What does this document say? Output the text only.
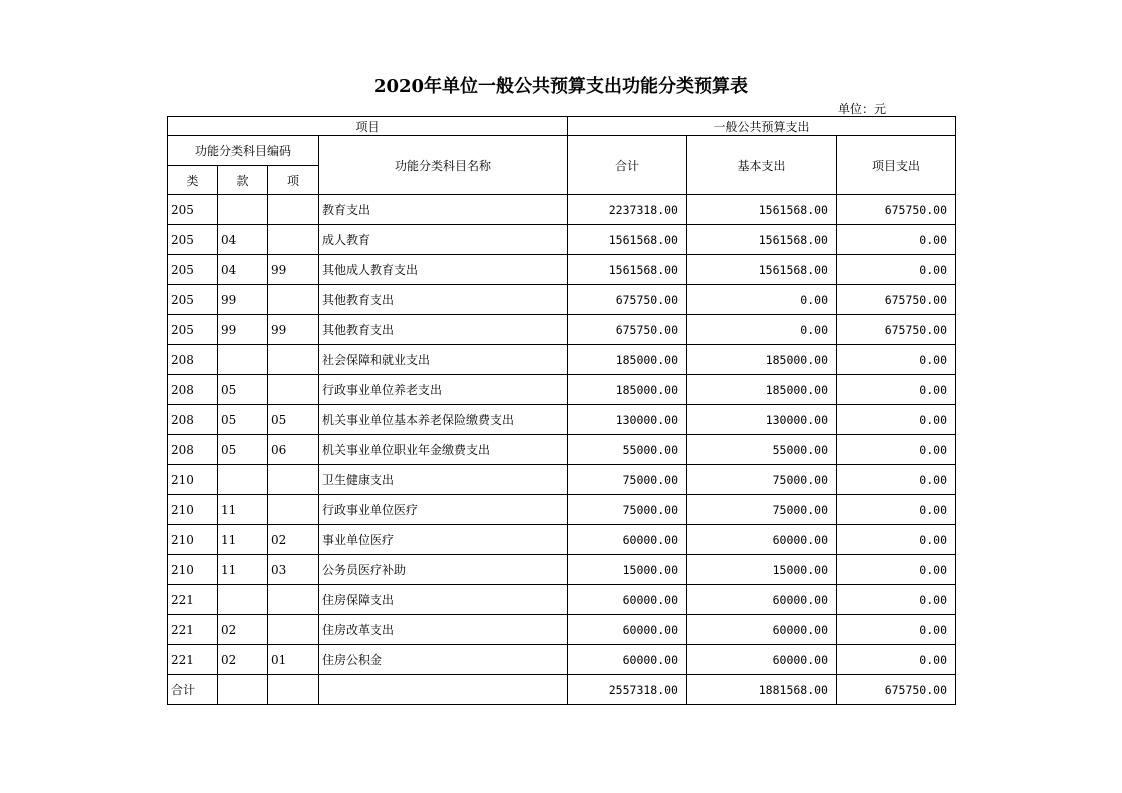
2020年单位一般公共预算支出功能分类预算表
单位：元
项目				一般公共预算支出		
功能分类科目编码			功能分类科目名称	合计	基本支出	项目支出
类	款	项				
205			教育支出	2237318.00	1561568.00	675750.00
205	04		成人教育	1561568.00	1561568.00	0.00
205	04	99	其他成人教育支出	1561568.00	1561568.00	0.00
205	99		其他教育支出	675750.00	0.00	675750.00
205	99	99	其他教育支出	675750.00	0.00	675750.00
208			社会保障和就业支出	185000.00	185000.00	0.00
208	05		行政事业单位养老支出	185000.00	185000.00	0.00
208	05	05	机关事业单位基本养老保险缴费支出	130000.00	130000.00	0.00
208	05	06	机关事业单位职业年金缴费支出	55000.00	55000.00	0.00
210			卫生健康支出	75000.00	75000.00	0.00
210	11		行政事业单位医疗	75000.00	75000.00	0.00
210	11	02	事业单位医疗	60000.00	60000.00	0.00
210	11	03	公务员医疗补助	15000.00	15000.00	0.00
221			住房保障支出	60000.00	60000.00	0.00
221	02		住房改革支出	60000.00	60000.00	0.00
221	02	01	住房公积金	60000.00	60000.00	0.00
合计				2557318.00	1881568.00	675750.00
